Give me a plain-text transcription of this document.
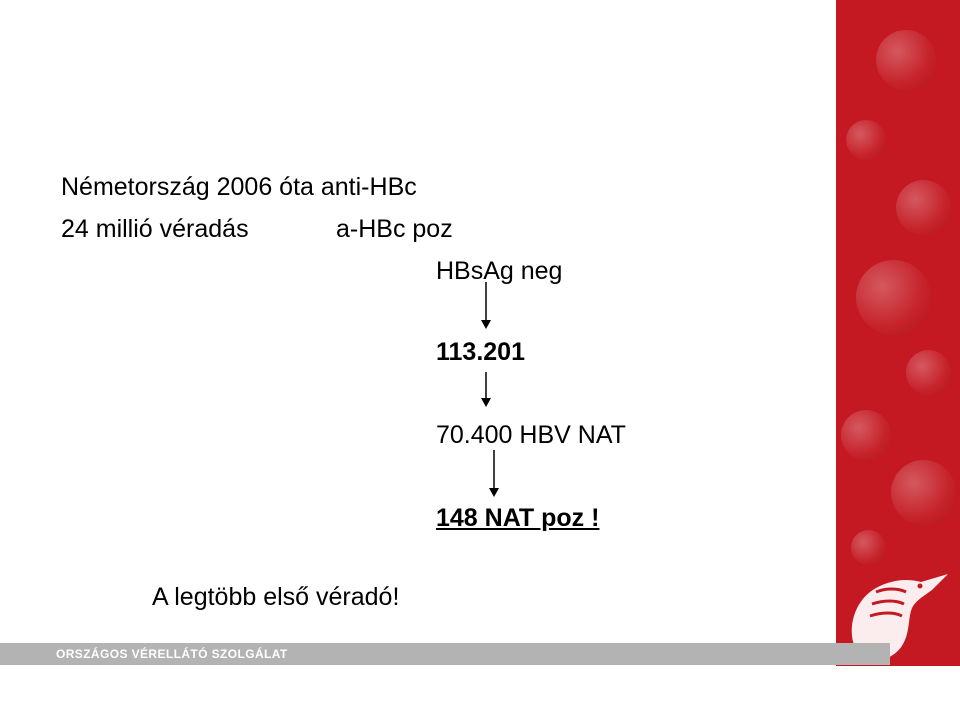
Németország 2006 óta anti-HBc
24 millió véradás	a-HBc poz
HBsAg neg
113.201
70.400 HBV NAT
148 NAT poz !
A legtöbb első véradó!
ORSZÁGOS VÉRELLÁTÓ SZOLGÁLAT
